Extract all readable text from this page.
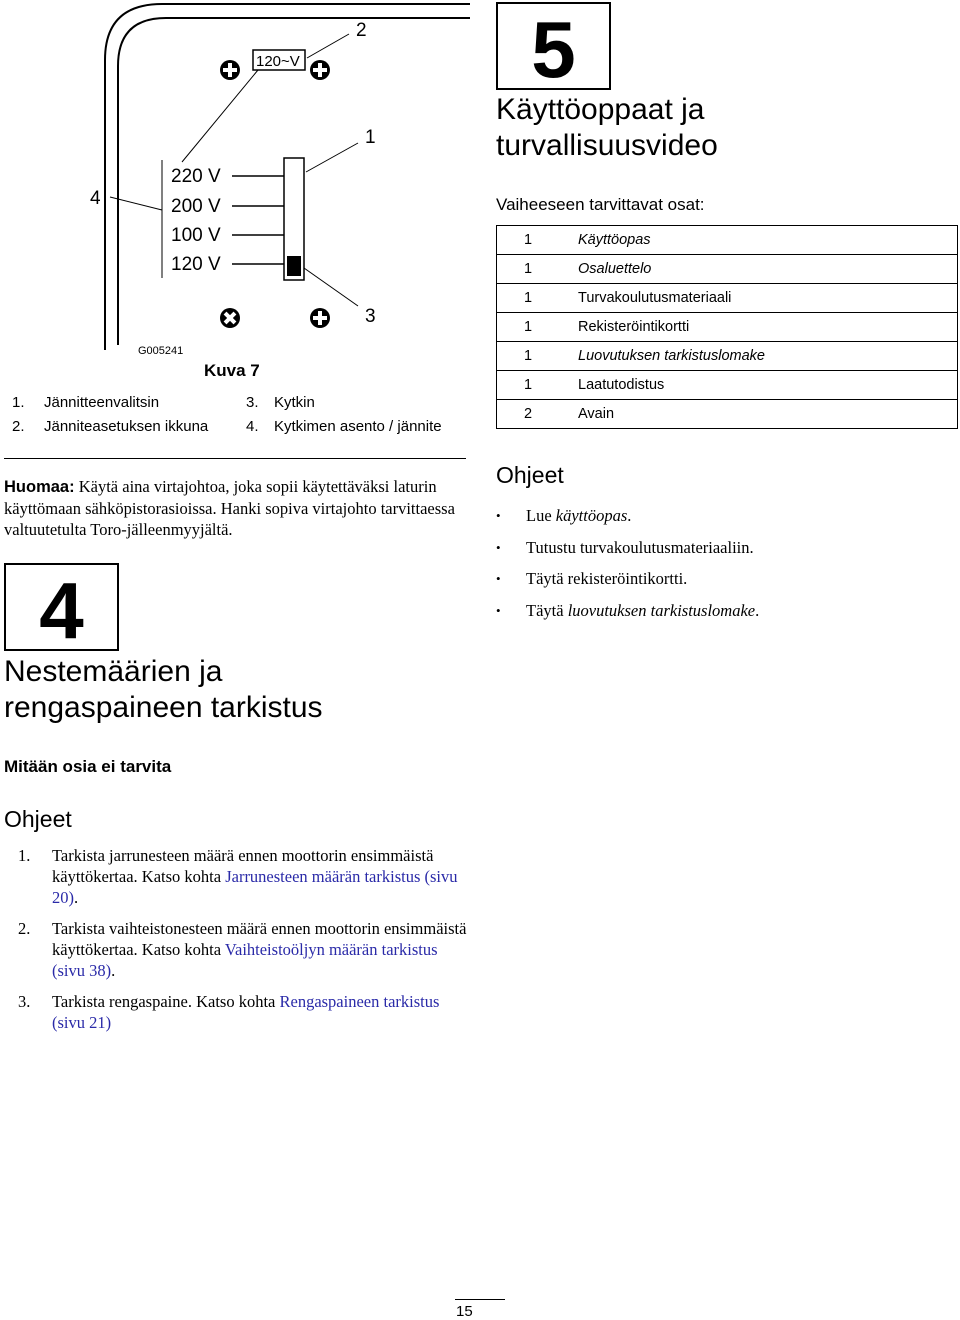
120~V
220 V
200 V
100 V
120 V
4
2
1
3
G005241
Kuva 7
1. Jännitteenvalitsin
2. Jänniteasetuksen ikkuna
3. Kytkin
4. Kytkimen asento / jännite
Huomaa: Käytä aina virtajohtoa, joka sopii käytettäväksi laturin käyttömaan sähköpistorasioissa. Hanki sopiva virtajohto tarvittaessa valtuutetulta Toro-jälleenmyyjältä.
4
Nestemäärien ja
rengaspaineen tarkistus
Mitään osia ei tarvita
Ohjeet
1. Tarkista jarrunesteen määrä ennen moottorin ensimmäistä käyttökertaa. Katso kohta Jarrunesteen määrän tarkistus (sivu 20).
2. Tarkista vaihteistonesteen määrä ennen moottorin ensimmäistä käyttökertaa. Katso kohta Vaihteistoöljyn määrän tarkistus (sivu 38).
3. Tarkista rengaspaine. Katso kohta Rengaspaineen tarkistus (sivu 21)
5
Käyttöoppaat ja
turvallisuusvideo
Vaiheeseen tarvittavat osat:
1	Käyttöopas
1	Osaluettelo
1	Turvakoulutusmateriaali
1	Rekisteröintikortti
1	Luovutuksen tarkistuslomake
1	Laatutodistus
2	Avain
Ohjeet
• Lue käyttöopas.
• Tutustu turvakoulutusmateriaaliin.
• Täytä rekisteröintikortti.
• Täytä luovutuksen tarkistuslomake.
15
